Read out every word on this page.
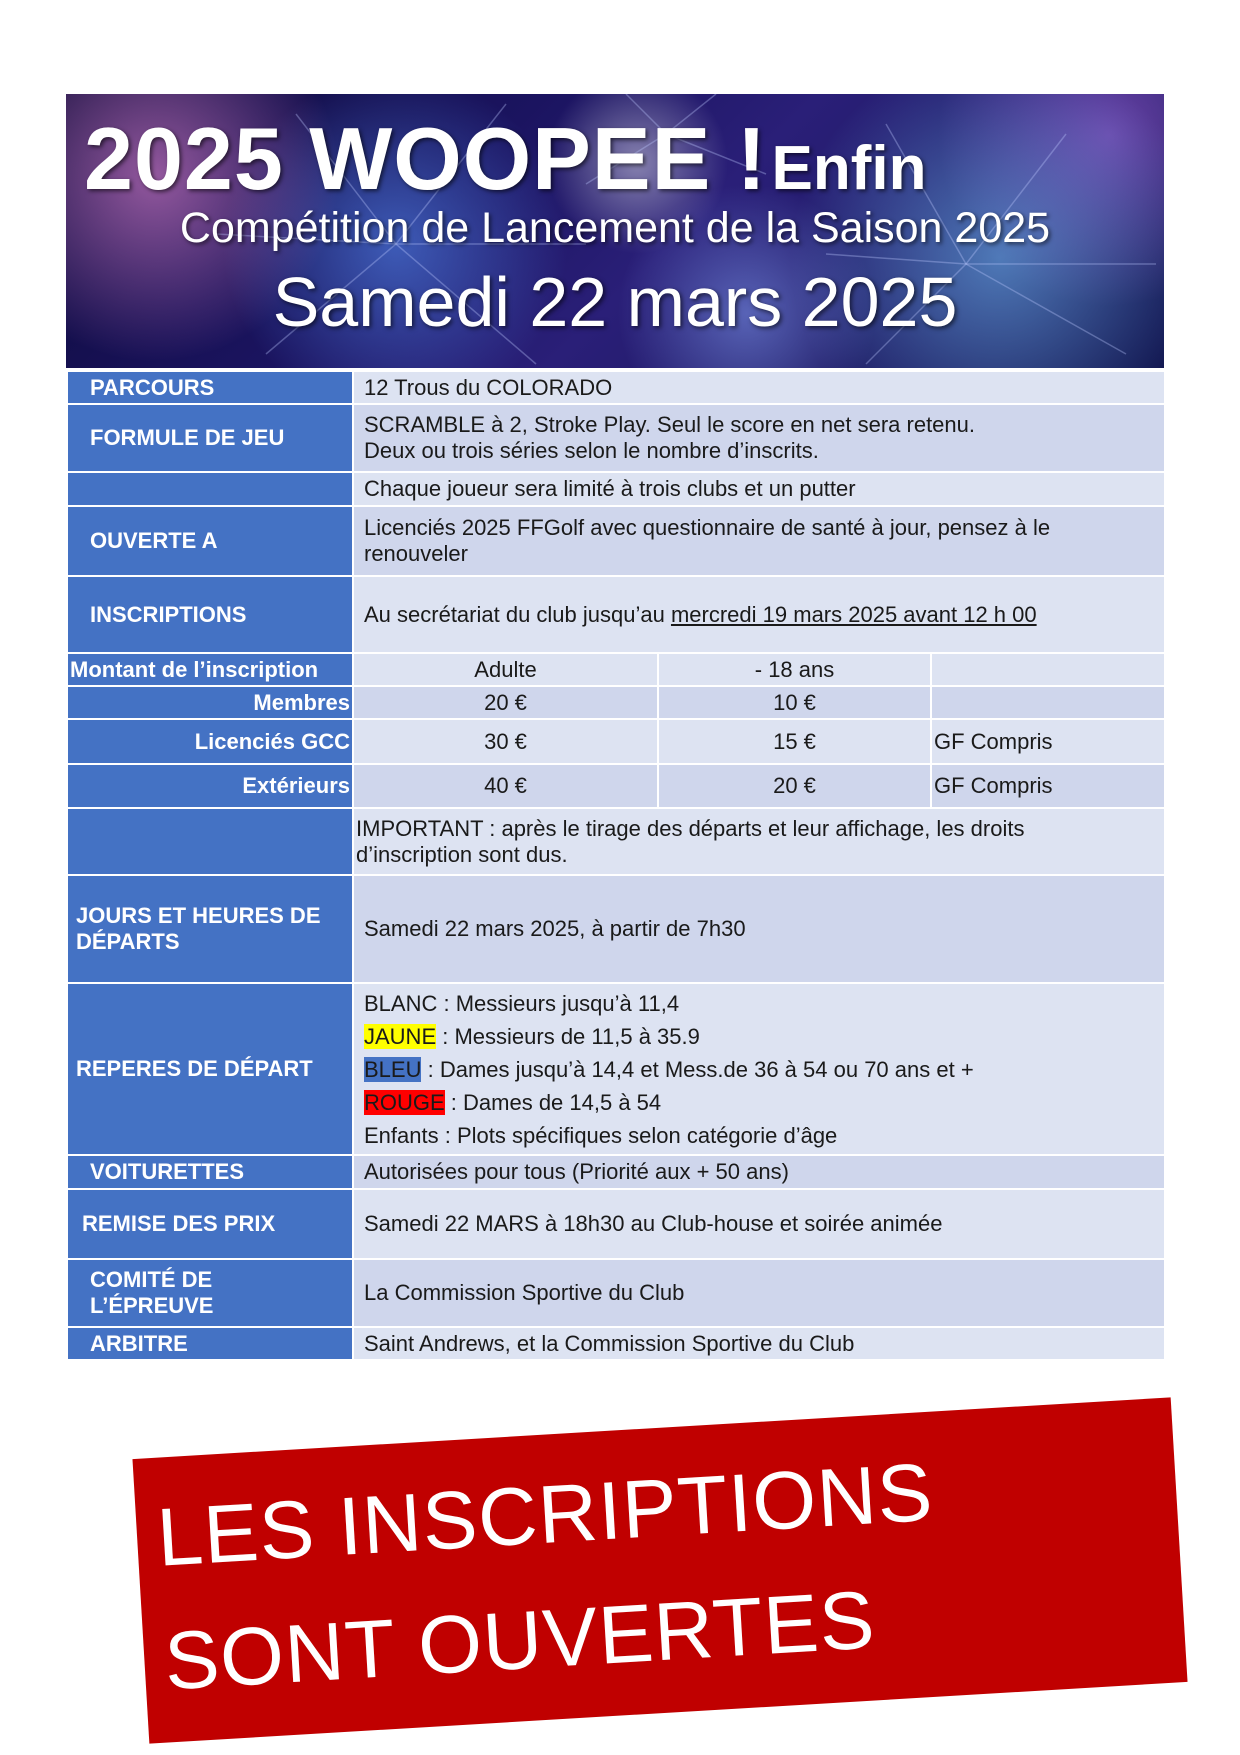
2025 WOOPEE ! Enfin
Compétition de Lancement de la Saison 2025
Samedi 22 mars 2025
PARCOURS	12 Trous du COLORADO		
FORMULE DE JEU	SCRAMBLE à 2, Stroke Play. Seul le score en net sera retenu.
Deux ou trois séries selon le nombre d’inscrits.		

	Chaque joueur sera limité à trois clubs et un putter		
OUVERTE A	Licenciés 2025 FFGolf avec questionnaire de santé à jour, pensez à le
renouveler		

INSCRIPTIONS	Au secrétariat du club jusqu’au mercredi 19 mars 2025 avant 12 h 00		
Montant de l’inscription	Adulte	- 18 ans	
Membres	20 €	10 €	
Licenciés GCC	30 €	15 €	GF Compris
Extérieurs	40 €	20 €	GF Compris

	IMPORTANT : après le tirage des départs et leur affichage, les droits
d’inscription sont dus.		

JOURS ET HEURES DE
DÉPARTS	Samedi 22 mars 2025, à partir de 7h30		
REPERES DE DÉPART	BLANC : Messieurs jusqu’à 11,4
JAUNE : Messieurs de 11,5 à 35.9
BLEU : Dames jusqu’à 14,4 et Mess.de 36 à 54 ou 70 ans et +
ROUGE : Dames de 14,5 à 54
Enfants : Plots spécifiques selon catégorie d’âge		

VOITURETTES	Autorisées pour tous (Priorité aux + 50 ans)		
REMISE DES PRIX	Samedi 22 MARS à 18h30 au Club-house et soirée animée		

COMITÉ DE
L’ÉPREUVE	La Commission Sportive du Club		
ARBITRE	Saint Andrews, et la Commission Sportive du Club		
LES INSCRIPTIONS
SONT OUVERTES
